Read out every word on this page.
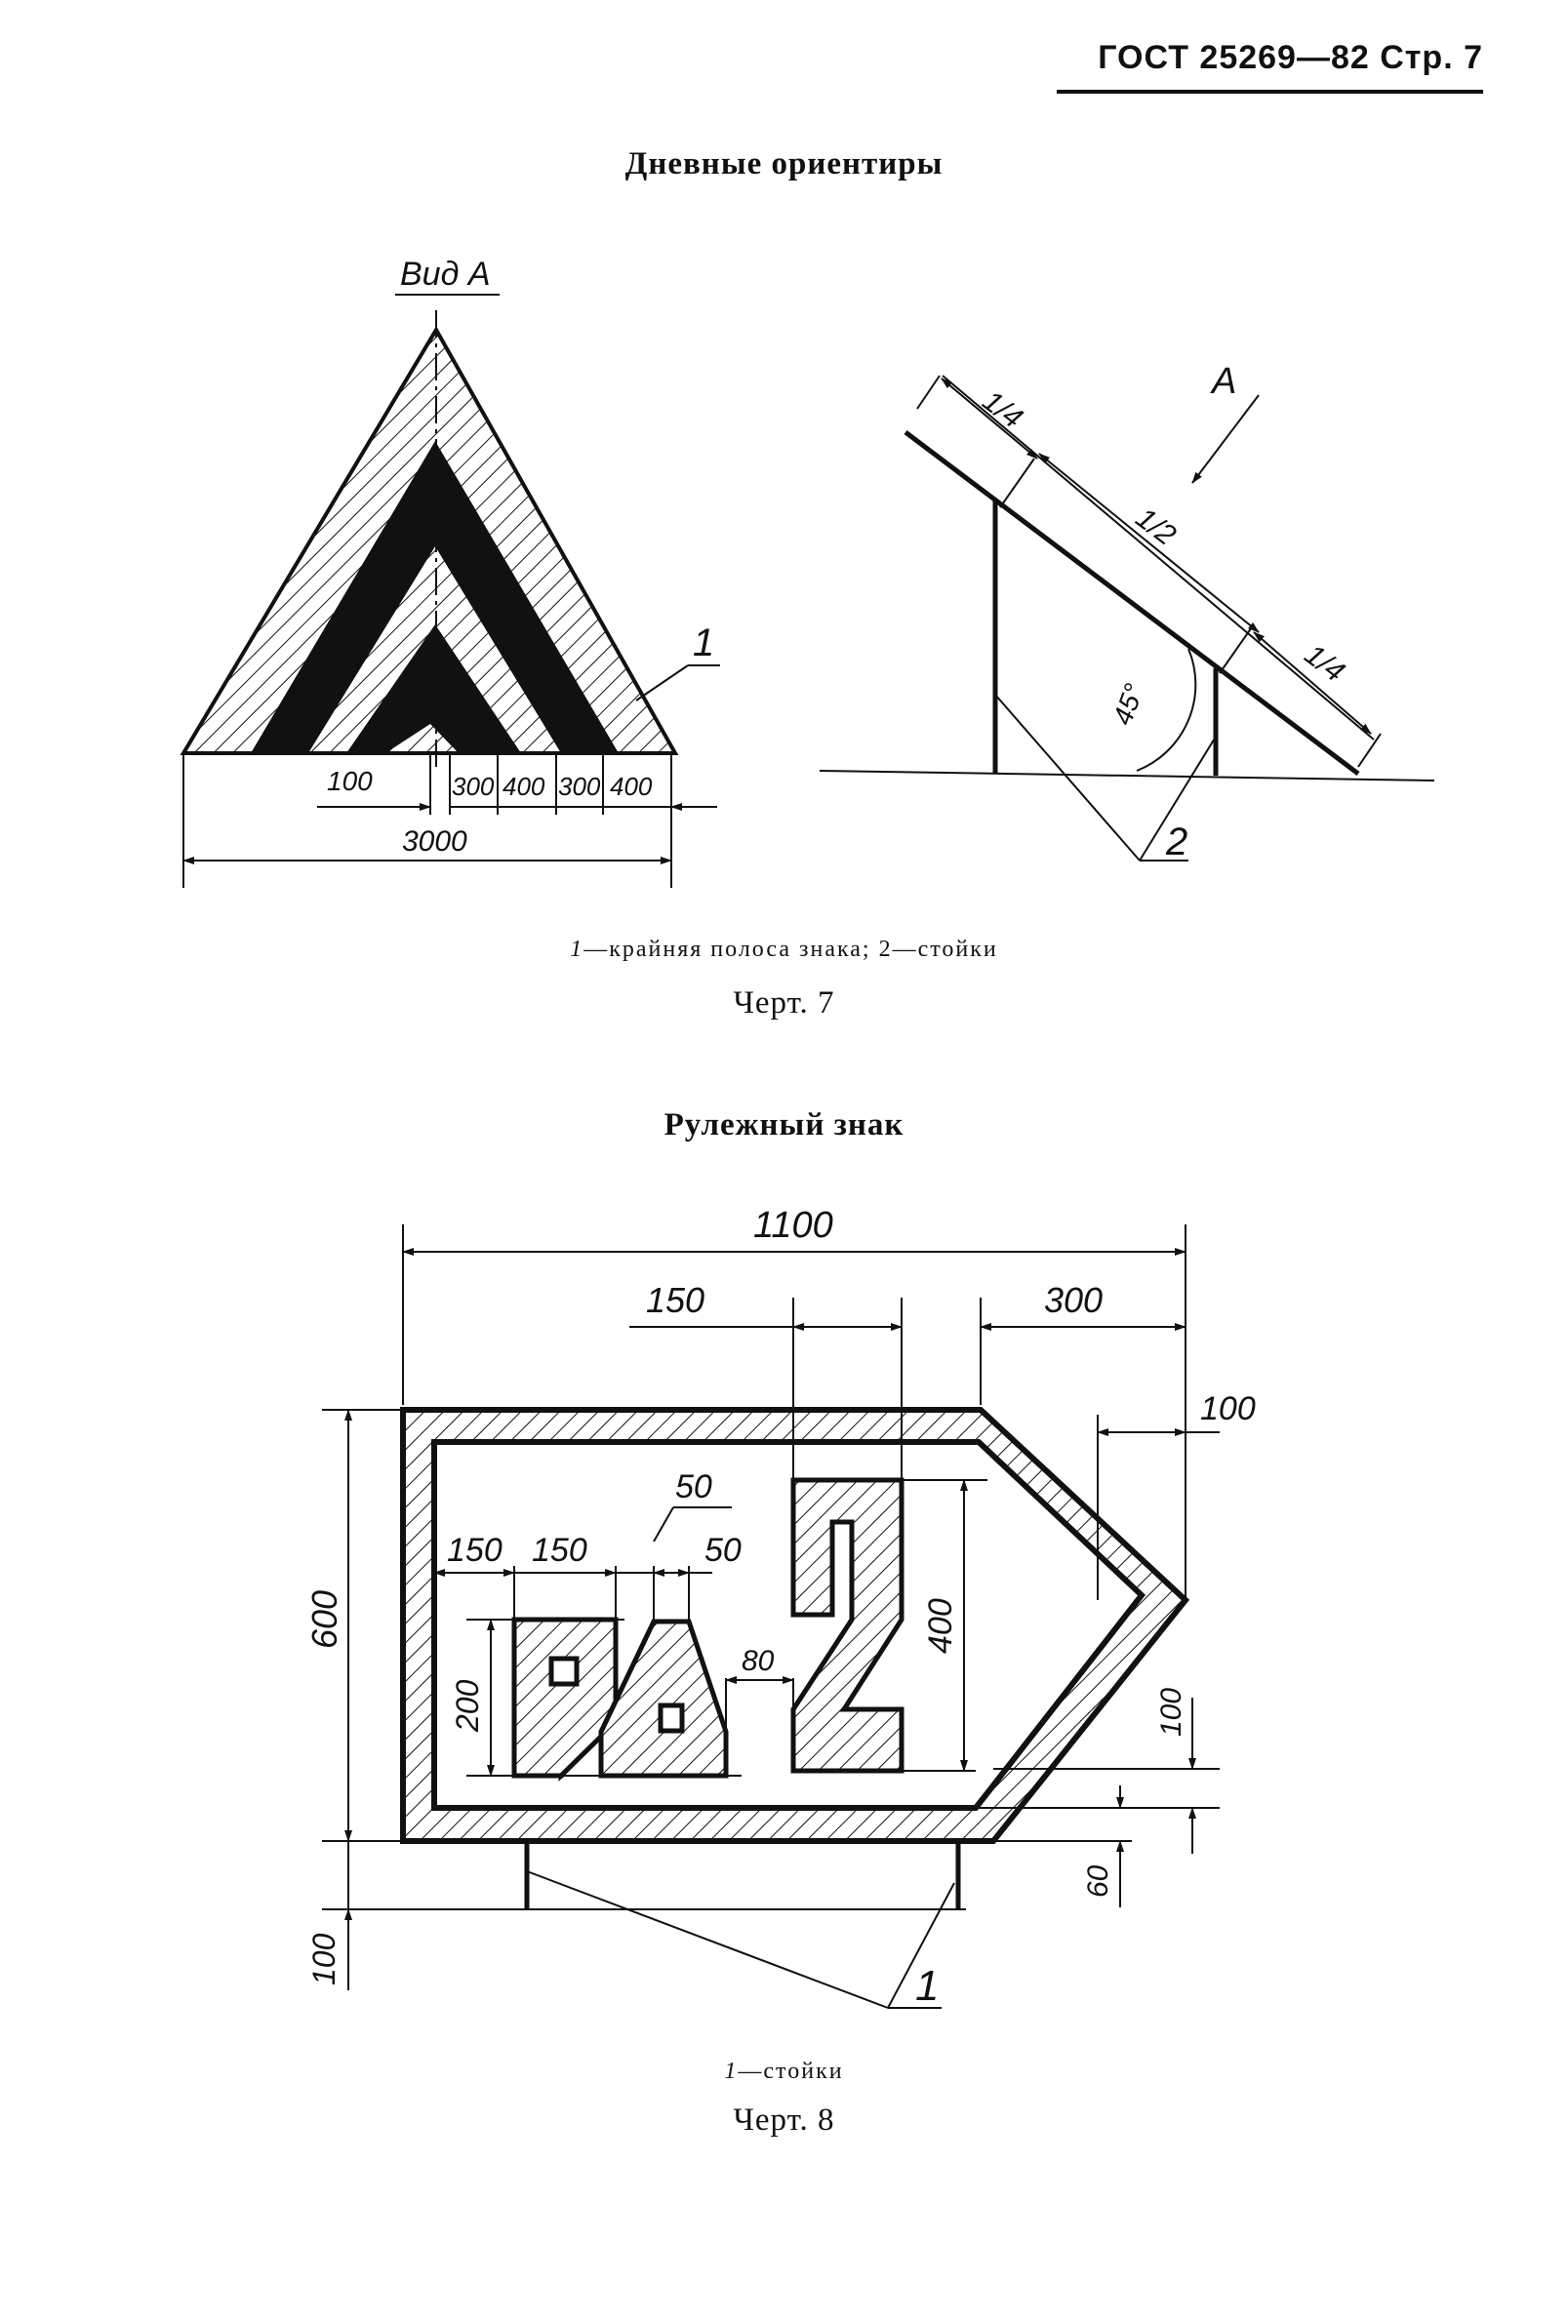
ГОСТ 25269—82 Стр. 7
Дневные ориентиры
Вид А
1
100	300 400 300 400
3000
1/4
1/2
1/4
А
45°
2
1
1100
150	300
100
600
100
150 150
50
50
200
80
400
100
60
1—крайняя полоса знака; 2—стойки
Черт. 7
Рулежный знак
1—стойки
Черт. 8
